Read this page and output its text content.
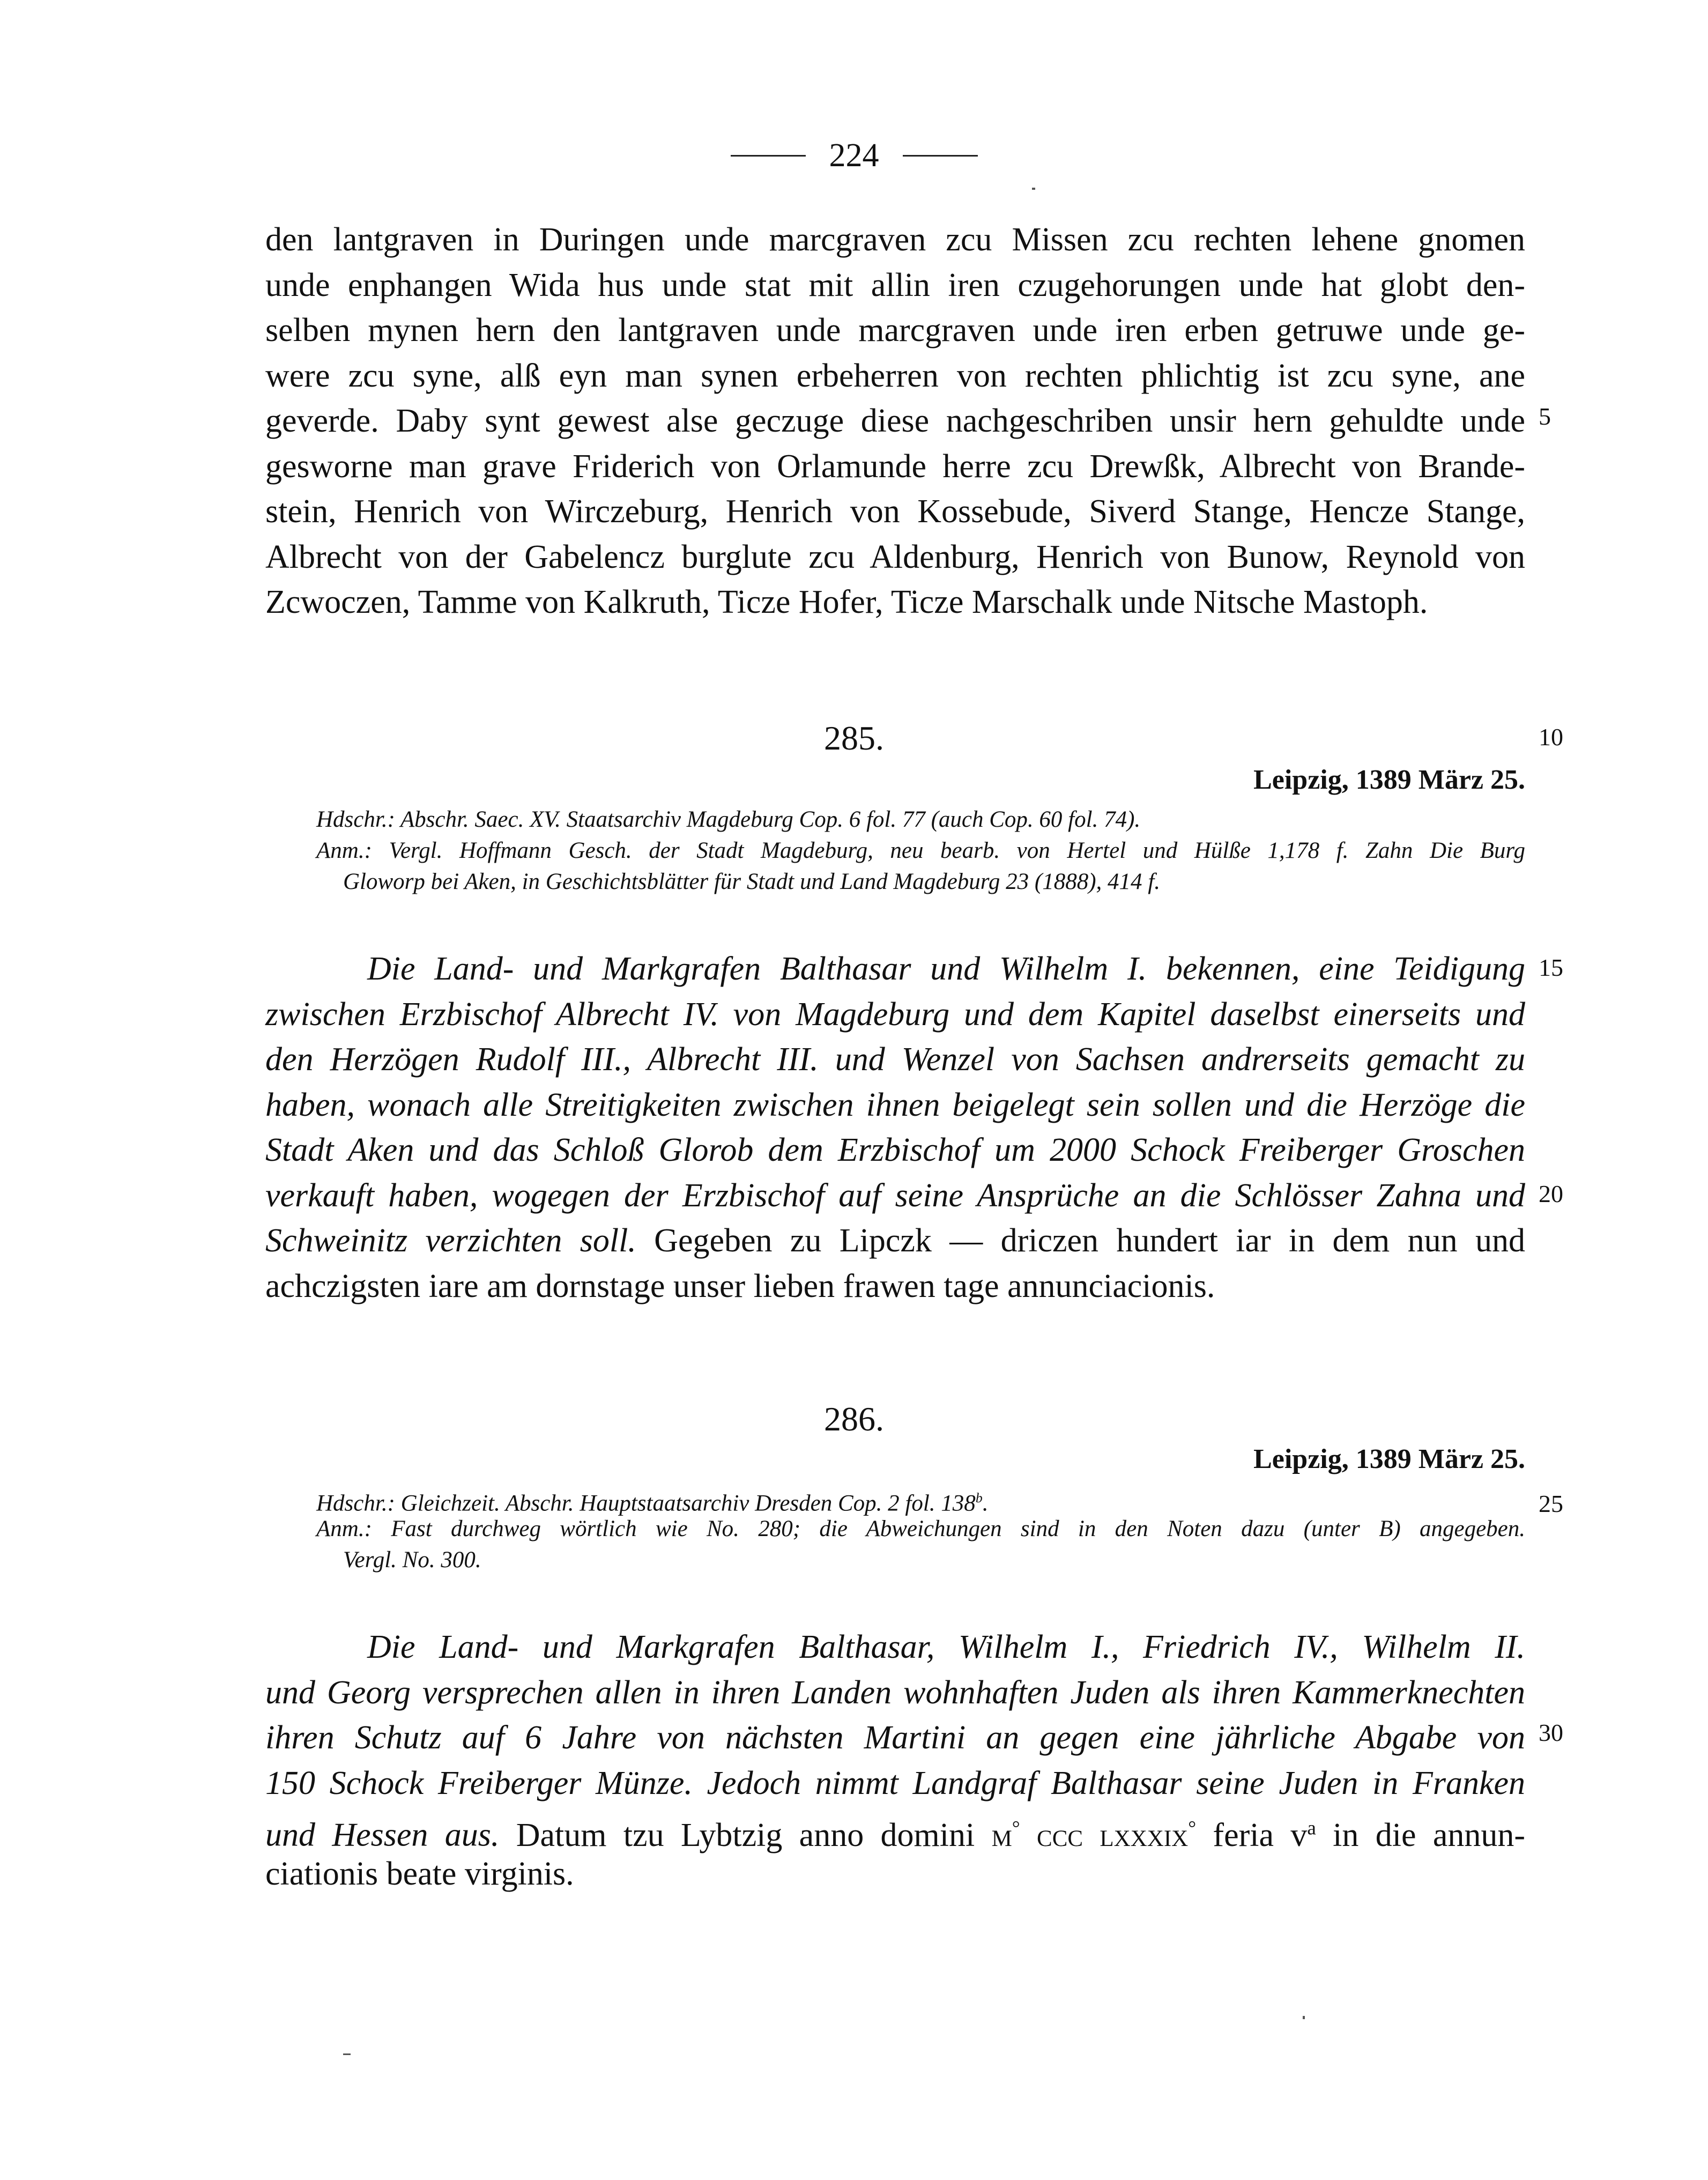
224
den lantgraven in Duringen unde marcgraven zcu Missen zcu rechten lehene gnomen
unde enphangen Wida hus unde stat mit allin iren czugehorungen unde hat globt den-
selben mynen hern den lantgraven unde marcgraven unde iren erben getruwe unde ge-
were zcu syne, alß eyn man synen erbeherren von rechten phlichtig ist zcu syne, ane
geverde. Daby synt gewest alse geczuge diese nachgeschriben unsir hern gehuldte unde
gesworne man grave Friderich von Orlamunde herre zcu Drewßk, Albrecht von Brande-
stein, Henrich von Wirczeburg, Henrich von Kossebude, Siverd Stange, Hencze Stange,
Albrecht von der Gabelencz burglute zcu Aldenburg, Henrich von Bunow, Reynold von
Zcwoczen, Tamme von Kalkruth, Ticze Hofer, Ticze Marschalk unde Nitsche Mastoph.
285.
Leipzig, 1389 März 25.
Hdschr.: Abschr. Saec. XV. Staatsarchiv Magdeburg Cop. 6 fol. 77 (auch Cop. 60 fol. 74).
Anm.: Vergl. Hoffmann Gesch. der Stadt Magdeburg, neu bearb. von Hertel und Hülße 1,178 f. Zahn Die Burg
Gloworp bei Aken, in Geschichtsblätter für Stadt und Land Magdeburg 23 (1888), 414 f.
Die Land- und Markgrafen Balthasar und Wilhelm I. bekennen, eine Teidigung
zwischen Erzbischof Albrecht IV. von Magdeburg und dem Kapitel daselbst einerseits und
den Herzögen Rudolf III., Albrecht III. und Wenzel von Sachsen andrerseits gemacht zu
haben, wonach alle Streitigkeiten zwischen ihnen beigelegt sein sollen und die Herzöge die
Stadt Aken und das Schloß Glorob dem Erzbischof um 2000 Schock Freiberger Groschen
verkauft haben, wogegen der Erzbischof auf seine Ansprüche an die Schlösser Zahna und
Schweinitz verzichten soll. Gegeben zu Lipczk — driczen hundert iar in dem nun und
achczigsten iare am dornstage unser lieben frawen tage annunciacionis.
286.
Leipzig, 1389 März 25.
Hdschr.: Gleichzeit. Abschr. Hauptstaatsarchiv Dresden Cop. 2 fol. 138$^b$.
Anm.: Fast durchweg wörtlich wie No. 280; die Abweichungen sind in den Noten dazu (unter B) angegeben.
Vergl. No. 300.
Die Land- und Markgrafen Balthasar, Wilhelm I., Friedrich IV., Wilhelm II.
und Georg versprechen allen in ihren Landen wohnhaften Juden als ihren Kammerknechten
ihren Schutz auf 6 Jahre von nächsten Martini an gegen eine jährliche Abgabe von
150 Schock Freiberger Münze. Jedoch nimmt Landgraf Balthasar seine Juden in Franken
und Hessen aus. Datum tzu Lybtzig anno domini m° ccc lxxxix° feria $v^a$ in die annun-
ciationis beate virginis.
5
10
15
20
25
30
